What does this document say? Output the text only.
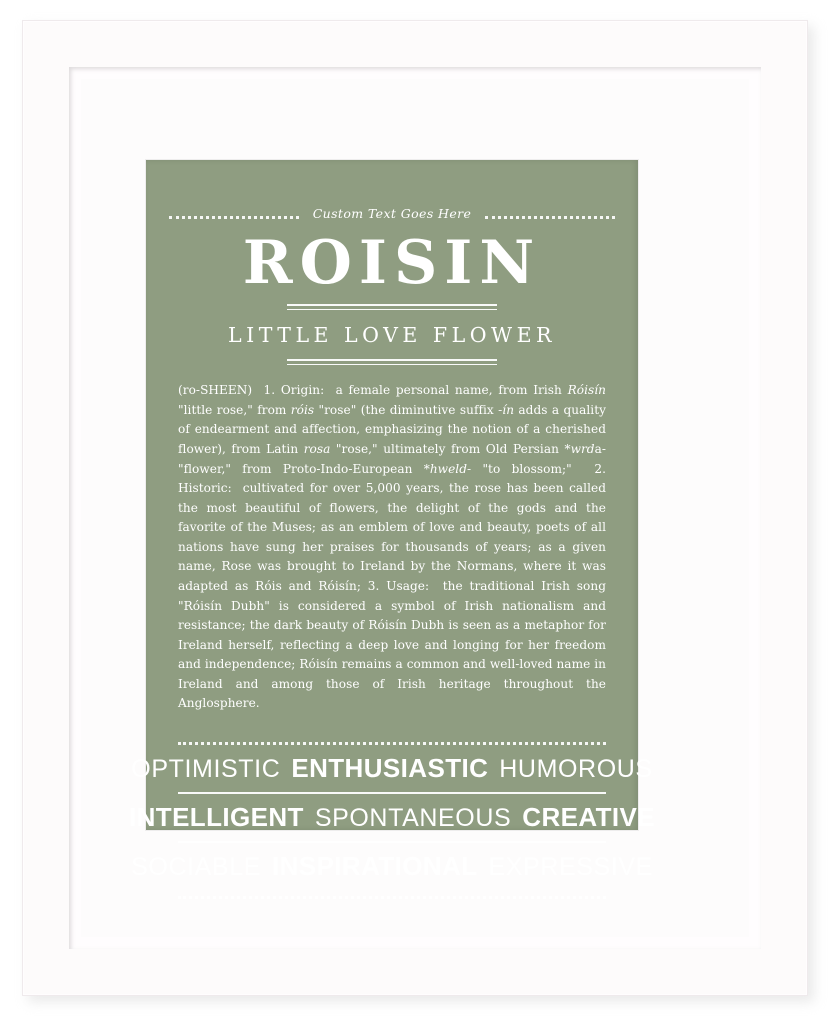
Custom Text Goes Here
ROISIN
LITTLE LOVE FLOWER
(ro-SHEEN)  1. Origin:  a female personal name, from Irish Róisín "little rose," from róis "rose" (the diminutive suffix -ín adds a quality of endearment and affection, emphasizing the notion of a cherished flower), from Latin rosa "rose," ultimately from Old Persian *wrda- "flower," from Proto-Indo-European *hweld- "to blossom;"  2. Historic:  cultivated for over 5,000 years, the rose has been called the most beautiful of flowers, the delight of the gods and the favorite of the Muses; as an emblem of love and beauty, poets of all nations have sung her praises for thousands of years; as a given name, Rose was brought to Ireland by the Normans, where it was adapted as Róis and Róisín; 3. Usage:  the traditional Irish song "Róisín Dubh" is considered a symbol of Irish nationalism and resistance; the dark beauty of Róisín Dubh is seen as a metaphor for Ireland herself, reflecting a deep love and longing for her freedom and independence; Róisín remains a common and well-loved name in Ireland and among those of Irish heritage throughout the Anglosphere.
OPTIMISTIC ENTHUSIASTIC HUMOROUS
INTELLIGENT SPONTANEOUS CREATIVE
SOCIABLE INSPIRATIONAL EXPRESSIVE
